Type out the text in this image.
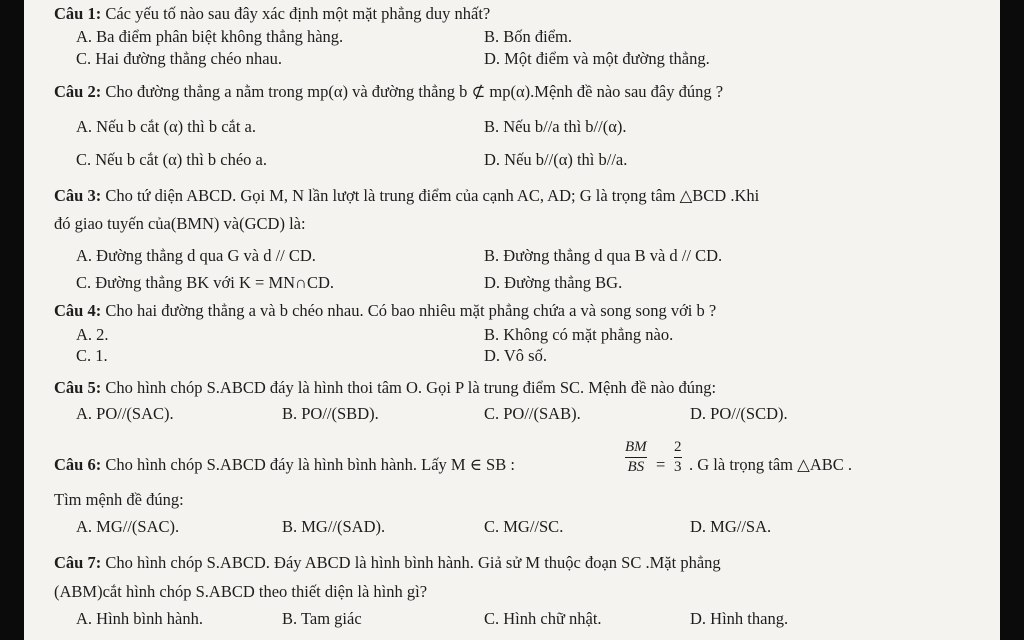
Câu 1: Các yếu tố nào sau đây xác định một mặt phẳng duy nhất?
A. Ba điểm phân biệt không thẳng hàng.	B. Bốn điểm.
C. Hai đường thẳng chéo nhau.	D. Một điểm và một đường thẳng.
Câu 2: Cho đường thẳng a nằm trong mp(α) và đường thẳng b ⊄ mp(α).Mệnh đề nào sau đây đúng ?
A. Nếu b cắt (α) thì b cắt a.	B. Nếu b//a thì b//(α).
C. Nếu b cắt (α) thì b chéo a.	D. Nếu b//(α) thì b//a.
Câu 3: Cho tứ diện ABCD. Gọi M, N lần lượt là trung điểm của cạnh AC, AD; G là trọng tâm △BCD .Khi
đó giao tuyến của(BMN) và(GCD) là:
A. Đường thẳng d qua G và d // CD.	B. Đường thẳng d qua B và d // CD.
C. Đường thẳng BK với K = MN∩CD.	D. Đường thẳng BG.
Câu 4: Cho hai đường thẳng a và b chéo nhau. Có bao nhiêu mặt phẳng chứa a và song song với b ?
A. 2.	B. Không có mặt phẳng nào.
C. 1.	D. Vô số.
Câu 5: Cho hình chóp S.ABCD đáy là hình thoi tâm O. Gọi P là trung điểm SC. Mệnh đề nào đúng:
A. PO//(SAC).	B. PO//(SBD).	C. PO//(SAB).	D. PO//(SCD).
Câu 6: Cho hình chóp S.ABCD đáy là hình bình hành. Lấy M ∈ SB :
BM
BS =
2
3 . G là trọng tâm △ABC .
Tìm mệnh đề đúng:
A. MG//(SAC).	B. MG//(SAD).	C. MG//SC.	D. MG//SA.
Câu 7: Cho hình chóp S.ABCD. Đáy ABCD là hình bình hành. Giả sử M thuộc đoạn SC .Mặt phẳng
(ABM)cắt hình chóp S.ABCD theo thiết diện là hình gì?
A. Hình bình hành.	B. Tam giác	C. Hình chữ nhật.	D. Hình thang.
